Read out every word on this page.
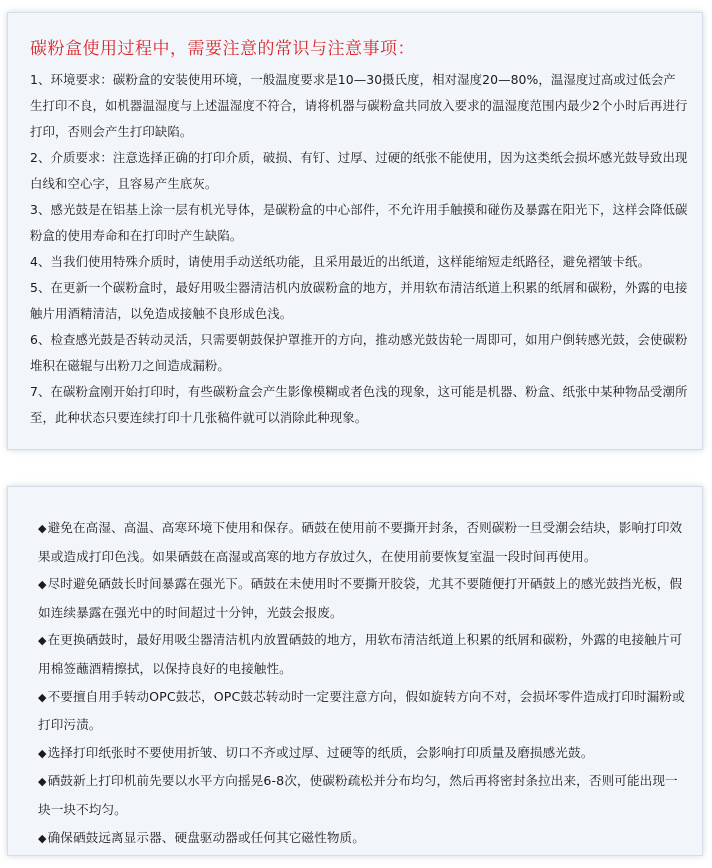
碳粉盒使用过程中，需要注意的常识与注意事项：

1、环境要求：碳粉盒的安装使用环境，一般温度要求是10—30摄氏度，相对湿度20—80%，温湿度过高或过低会产生打印不良，如机器温湿度与上述温湿度不符合，请将机器与碳粉盒共同放入要求的温湿度范围内最少2个小时后再进行打印，否则会产生打印缺陷。

2、介质要求：注意选择正确的打印介质，破损、有钉、过厚、过硬的纸张不能使用，因为这类纸会损坏感光鼓导致出现白线和空心字，且容易产生底灰。

3、感光鼓是在铝基上涂一层有机光导体，是碳粉盒的中心部件，不允许用手触摸和碰伤及暴露在阳光下，这样会降低碳粉盒的使用寿命和在打印时产生缺陷。

4、当我们使用特殊介质时，请使用手动送纸功能，且采用最近的出纸道，这样能缩短走纸路径，避免褶皱卡纸。

5、在更新一个碳粉盒时，最好用吸尘器清洁机内放碳粉盒的地方，并用软布清洁纸道上积累的纸屑和碳粉，外露的电接触片用酒精清洁，以免造成接触不良形成色浅。

6、检查感光鼓是否转动灵活，只需要朝鼓保护罩推开的方向，推动感光鼓齿轮一周即可，如用户倒转感光鼓，会使碳粉堆积在磁辊与出粉刀之间造成漏粉。

7、在碳粉盒刚开始打印时，有些碳粉盒会产生影像模糊或者色浅的现象，这可能是机器、粉盒、纸张中某种物品受潮所至，此种状态只要连续打印十几张稿件就可以消除此种现象。

◆避免在高湿、高温、高寒环境下使用和保存。硒鼓在使用前不要撕开封条，否则碳粉一旦受潮会结块，影响打印效果或造成打印色浅。如果硒鼓在高湿或高寒的地方存放过久，在使用前要恢复室温一段时间再使用。

◆尽时避免硒鼓长时间暴露在强光下。硒鼓在未使用时不要撕开胶袋，尤其不要随便打开硒鼓上的感光鼓挡光板，假如连续暴露在强光中的时间超过十分钟，光鼓会报废。

◆在更换硒鼓时，最好用吸尘器清洁机内放置硒鼓的地方，用软布清洁纸道上积累的纸屑和碳粉，外露的电接触片可用棉签蘸酒精擦拭，以保持良好的电接触性。

◆不要擅自用手转动OPC鼓芯，OPC鼓芯转动时一定要注意方向，假如旋转方向不对，会损坏零件造成打印时漏粉或打印污渍。

◆选择打印纸张时不要使用折皱、切口不齐或过厚、过硬等的纸质，会影响打印质量及磨损感光鼓。

◆硒鼓新上打印机前先要以水平方向摇晃6-8次，使碳粉疏松并分布均匀，然后再将密封条拉出来，否则可能出现一块一块不均匀。

◆确保硒鼓远离显示器、硬盘驱动器或任何其它磁性物质。
